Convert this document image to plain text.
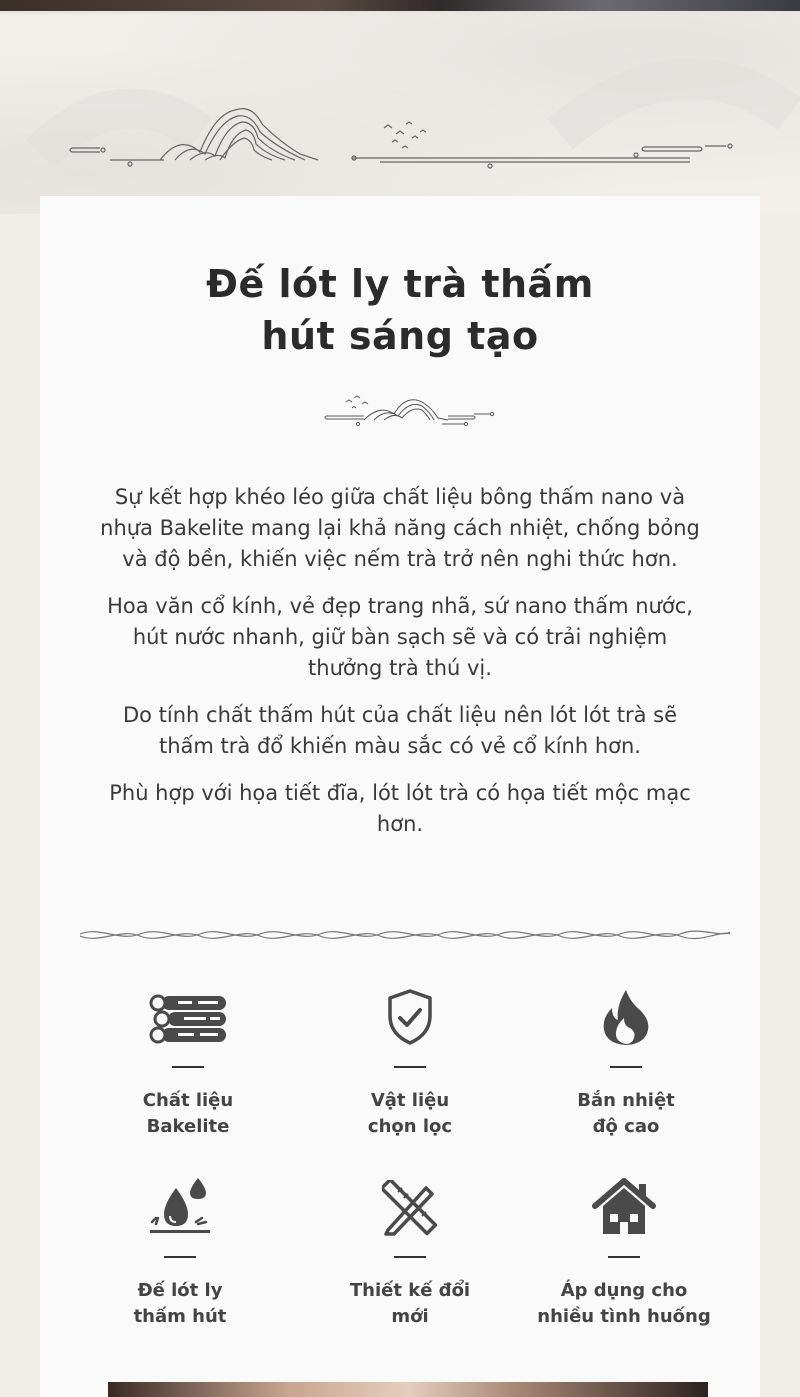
Đế lót ly trà thấm
hút sáng tạo

Sự kết hợp khéo léo giữa chất liệu bông thấm nano và nhựa Bakelite mang lại khả năng cách nhiệt, chống bỏng và độ bền, khiến việc nếm trà trở nên nghi thức hơn.

Hoa văn cổ kính, vẻ đẹp trang nhã, sứ nano thấm nước, hút nước nhanh, giữ bàn sạch sẽ và có trải nghiệm thưởng trà thú vị.

Do tính chất thấm hút của chất liệu nên lót lót trà sẽ thấm trà đổ khiến màu sắc có vẻ cổ kính hơn.

Phù hợp với họa tiết đĩa, lót lót trà có họa tiết mộc mạc hơn.

Chất liệu
Bakelite
Vật liệu
chọn lọc
Bắn nhiệt
độ cao
Đế lót ly
thấm hút
Thiết kế đổi
mới
Áp dụng cho
nhiều tình huống
